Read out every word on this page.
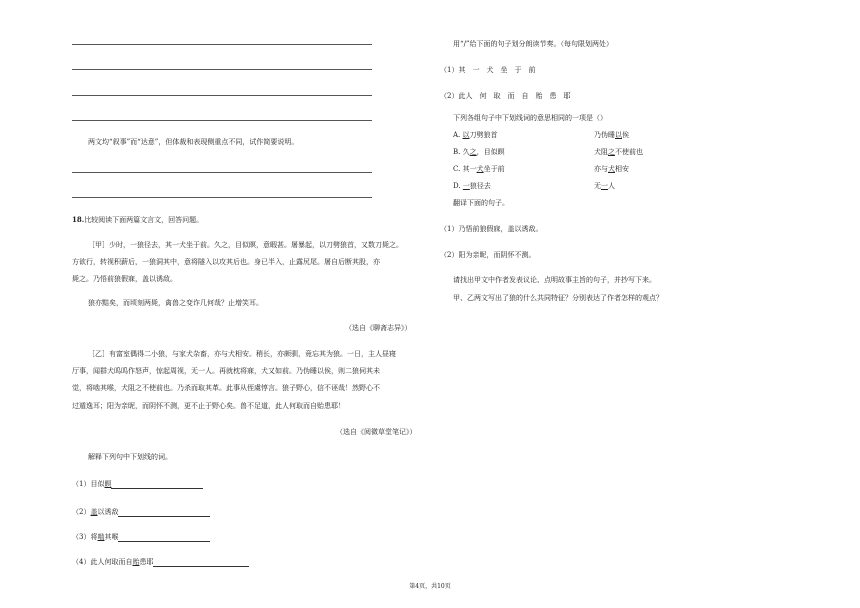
两文均“叙事”而“达意”，但体裁和表现侧重点不同，试作简要说明。
18.比较阅读下面两篇文言文，回答问题。
［甲］少时，一狼径去，其一犬坐于前。久之，目似瞑，意暇甚。屠暴起，以刀劈狼首，又数刀毙之。
方欲行，转视积薪后，一狼洞其中，意将隧入以攻其后也。身已半入，止露尻尾。屠自后断其股，亦
毙之。乃悟前狼假寐，盖以诱敌。
狼亦黠矣，而顷刻两毙，禽兽之变诈几何哉？止增笑耳。
（选自《聊斋志异》）
［乙］有富室偶得二小狼，与家犬杂畜，亦与犬相安。稍长，亦颇驯，竟忘其为狼。一日，主人昼寝
厅事，闻群犬呜呜作怒声，惊起周视，无一人。再就枕将寐，犬又如前。乃伪睡以俟，则二狼伺其未
觉，将啮其喉，犬阻之不使前也。乃杀而取其革。此事从侄虞惇言。狼子野心，信不诬哉！然野心不
过遁逸耳；阳为亲昵，而阴怀不测，更不止于野心矣。兽不足道，此人何取而自贻患耶！
（选自《阅微草堂笔记》）
解释下列句中下划线的词。
（1）目似瞑
（2）盖以诱敌
（3）将啮其喉
（4）此人何取而自贻患耶
用“/”给下面的句子划分朗读节奏。（每句限划两处）
（1）其　一　犬　坐　于　前
（2）此人　何　取　而　自　贻　患　耶
下列各组句子中下划线词的意思相同的一项是（）
A. 以刀劈狼首	乃伪睡以俟
B. 久之，目似瞑	犬阻之不使前也
C. 其一犬坐于前	亦与犬相安
D. 一狼径去	无一人
翻译下面的句子。
（1）乃悟前狼假寐，盖以诱敌。
（2）阳为亲昵，而阴怀不测。
请找出甲文中作者发表议论、点明故事主旨的句子，并抄写下来。
甲、乙两文写出了狼的什么共同特征？分别表达了作者怎样的观点？
第4页，共10页
